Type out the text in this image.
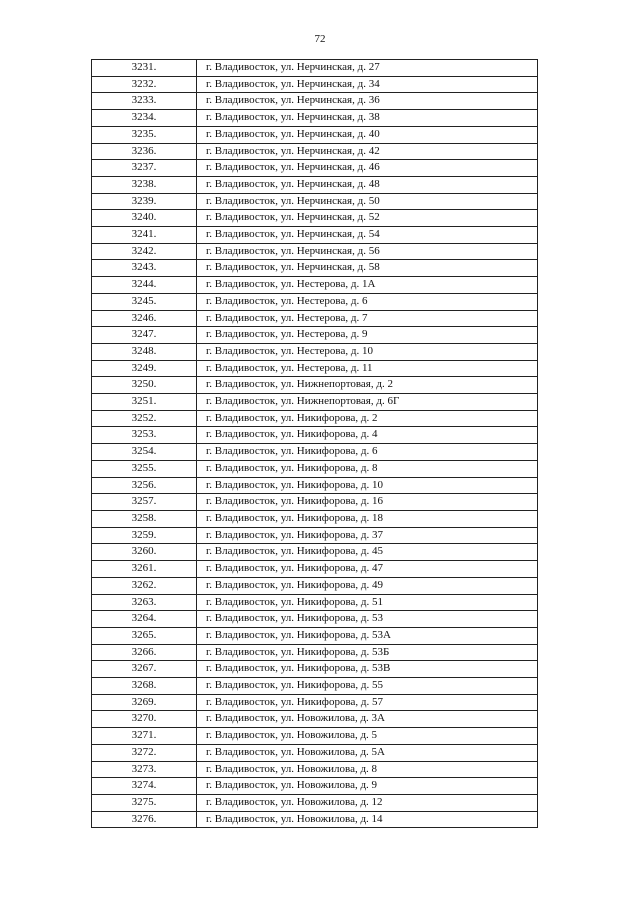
72
3231.	г. Владивосток, ул. Нерчинская, д. 27
3232.	г. Владивосток, ул. Нерчинская, д. 34
3233.	г. Владивосток, ул. Нерчинская, д. 36
3234.	г. Владивосток, ул. Нерчинская, д. 38
3235.	г. Владивосток, ул. Нерчинская, д. 40
3236.	г. Владивосток, ул. Нерчинская, д. 42
3237.	г. Владивосток, ул. Нерчинская, д. 46
3238.	г. Владивосток, ул. Нерчинская, д. 48
3239.	г. Владивосток, ул. Нерчинская, д. 50
3240.	г. Владивосток, ул. Нерчинская, д. 52
3241.	г. Владивосток, ул. Нерчинская, д. 54
3242.	г. Владивосток, ул. Нерчинская, д. 56
3243.	г. Владивосток, ул. Нерчинская, д. 58
3244.	г. Владивосток, ул. Нестерова, д. 1А
3245.	г. Владивосток, ул. Нестерова, д. 6
3246.	г. Владивосток, ул. Нестерова, д. 7
3247.	г. Владивосток, ул. Нестерова, д. 9
3248.	г. Владивосток, ул. Нестерова, д. 10
3249.	г. Владивосток, ул. Нестерова, д. 11
3250.	г. Владивосток, ул. Нижнепортовая, д. 2
3251.	г. Владивосток, ул. Нижнепортовая, д. 6Г
3252.	г. Владивосток, ул. Никифорова, д. 2
3253.	г. Владивосток, ул. Никифорова, д. 4
3254.	г. Владивосток, ул. Никифорова, д. 6
3255.	г. Владивосток, ул. Никифорова, д. 8
3256.	г. Владивосток, ул. Никифорова, д. 10
3257.	г. Владивосток, ул. Никифорова, д. 16
3258.	г. Владивосток, ул. Никифорова, д. 18
3259.	г. Владивосток, ул. Никифорова, д. 37
3260.	г. Владивосток, ул. Никифорова, д. 45
3261.	г. Владивосток, ул. Никифорова, д. 47
3262.	г. Владивосток, ул. Никифорова, д. 49
3263.	г. Владивосток, ул. Никифорова, д. 51
3264.	г. Владивосток, ул. Никифорова, д. 53
3265.	г. Владивосток, ул. Никифорова, д. 53А
3266.	г. Владивосток, ул. Никифорова, д. 53Б
3267.	г. Владивосток, ул. Никифорова, д. 53В
3268.	г. Владивосток, ул. Никифорова, д. 55
3269.	г. Владивосток, ул. Никифорова, д. 57
3270.	г. Владивосток, ул. Новожилова, д. 3А
3271.	г. Владивосток, ул. Новожилова, д. 5
3272.	г. Владивосток, ул. Новожилова, д. 5А
3273.	г. Владивосток, ул. Новожилова, д. 8
3274.	г. Владивосток, ул. Новожилова, д. 9
3275.	г. Владивосток, ул. Новожилова, д. 12
3276.	г. Владивосток, ул. Новожилова, д. 14
